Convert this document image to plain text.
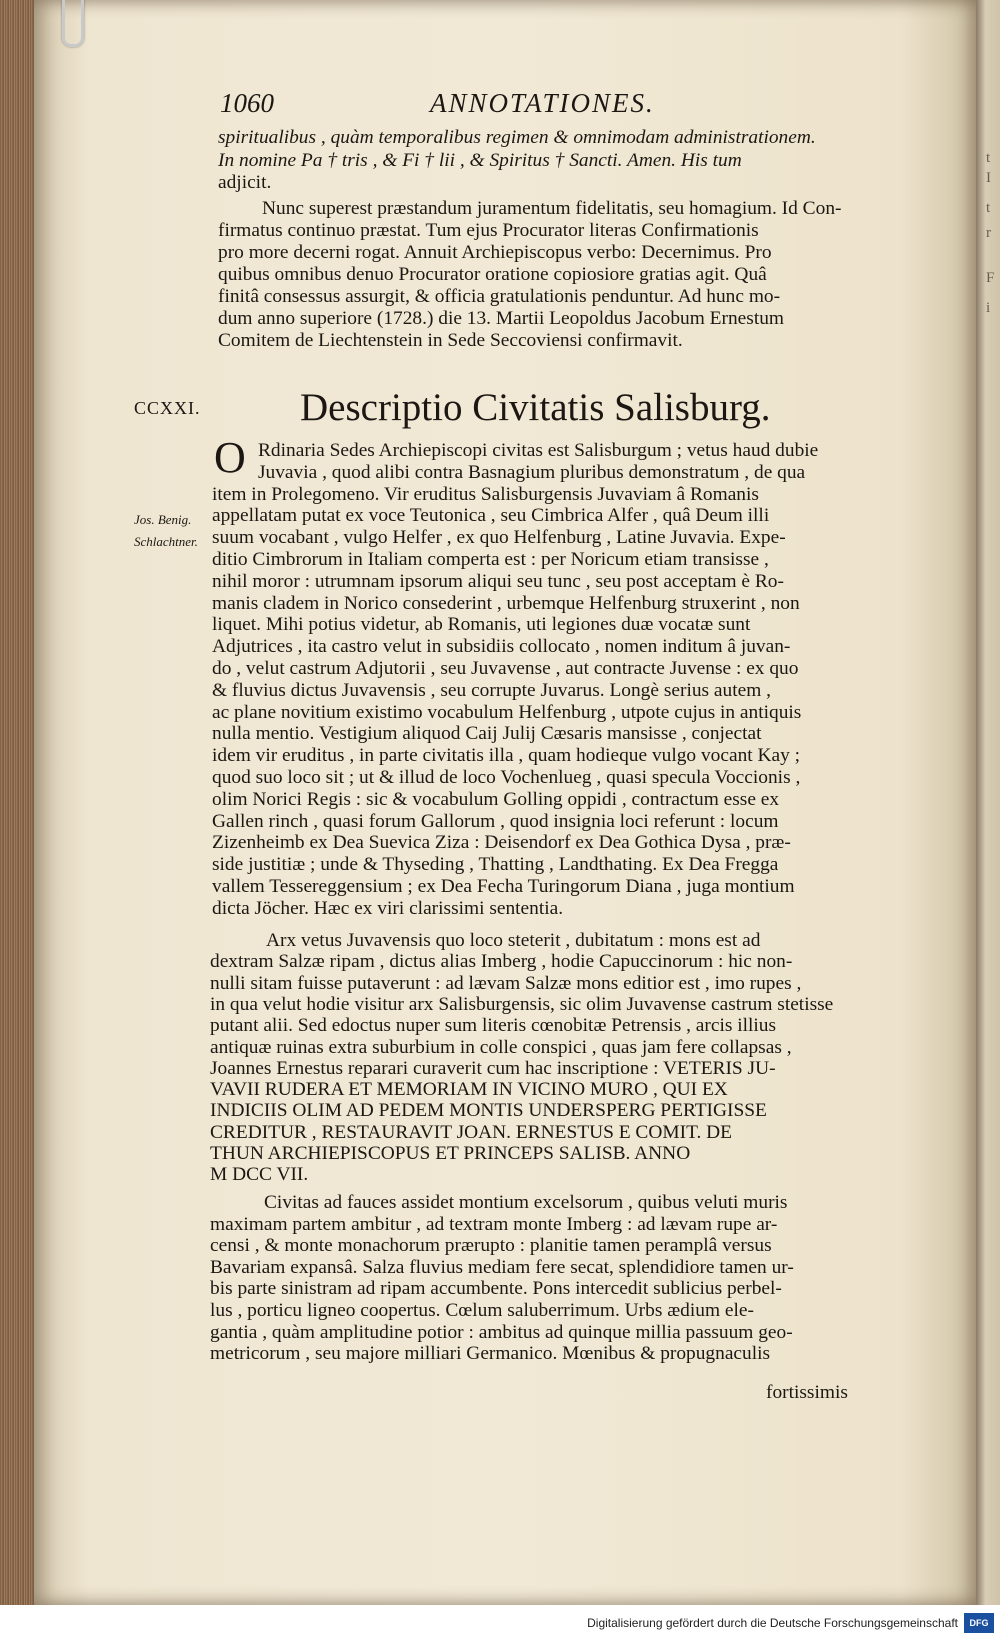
t
I
t
r
F
i
1060	ANNOTATIONES.
spiritualibus , quàm temporalibus regimen & omnimodam administrationem.
In nomine Pa † tris , & Fi † lii , & Spiritus † Sancti. Amen. His tum
adjicit.
Nunc superest præstandum juramentum fidelitatis, seu homagium. Id Con-
firmatus continuo præstat. Tum ejus Procurator literas Confirmationis
pro more decerni rogat. Annuit Archiepiscopus verbo: Decernimus. Pro
quibus omnibus denuo Procurator oratione copiosiore gratias agit. Quâ
finitâ consessus assurgit, & officia gratulationis penduntur. Ad hunc mo-
dum anno superiore (1728.) die 13. Martii Leopoldus Jacobum Ernestum
Comitem de Liechtenstein in Sede Seccoviensi confirmavit.
CCXXI.	Descriptio Civitatis Salisburg.
O
Jos. Benig.
Schlachtner.
Rdinaria Sedes Archiepiscopi civitas est Salisburgum ; vetus haud dubie
Juvavia , quod alibi contra Basnagium pluribus demonstratum , de qua
item in Prolegomeno. Vir eruditus Salisburgensis Juvaviam â Romanis
appellatam putat ex voce Teutonica , seu Cimbrica Alfer , quâ Deum illi
suum vocabant , vulgo Helfer , ex quo Helfenburg , Latine Juvavia. Expe-
ditio Cimbrorum in Italiam comperta est : per Noricum etiam transisse ,
nihil moror : utrumnam ipsorum aliqui seu tunc , seu post acceptam è Ro-
manis cladem in Norico consederint , urbemque Helfenburg struxerint , non
liquet. Mihi potius videtur, ab Romanis, uti legiones duæ vocatæ sunt
Adjutrices , ita castro velut in subsidiis collocato , nomen inditum â juvan-
do , velut castrum Adjutorii , seu Juvavense , aut contracte Juvense : ex quo
& fluvius dictus Juvavensis , seu corrupte Juvarus. Longè serius autem ,
ac plane novitium existimo vocabulum Helfenburg , utpote cujus in antiquis
nulla mentio. Vestigium aliquod Caij Julij Cæsaris mansisse , conjectat
idem vir eruditus , in parte civitatis illa , quam hodieque vulgo vocant Kay ;
quod suo loco sit ; ut & illud de loco Vochenlueg , quasi specula Voccionis ,
olim Norici Regis : sic & vocabulum Golling oppidi , contractum esse ex
Gallen rinch , quasi forum Gallorum , quod insignia loci referunt : locum
Zizenheimb ex Dea Suevica Ziza : Deisendorf ex Dea Gothica Dysa , præ-
side justitiæ ; unde & Thyseding , Thatting , Landthating. Ex Dea Fregga
vallem Tessereggensium ; ex Dea Fecha Turingorum Diana , juga montium
dicta Jöcher. Hæc ex viri clarissimi sententia.
Arx vetus Juvavensis quo loco steterit , dubitatum : mons est ad
dextram Salzæ ripam , dictus alias Imberg , hodie Capuccinorum : hic non-
nulli sitam fuisse putaverunt : ad lævam Salzæ mons editior est , imo rupes ,
in qua velut hodie visitur arx Salisburgensis, sic olim Juvavense castrum stetisse
putant alii. Sed edoctus nuper sum literis cœnobitæ Petrensis , arcis illius
antiquæ ruinas extra suburbium in colle conspici , quas jam fere collapsas ,
Joannes Ernestus reparari curaverit cum hac inscriptione : VETERIS JU-
VAVII RUDERA ET MEMORIAM IN VICINO MURO , QUI EX
INDICIIS OLIM AD PEDEM MONTIS UNDERSPERG PERTIGISSE
CREDITUR , RESTAURAVIT JOAN. ERNESTUS E COMIT. DE
THUN ARCHIEPISCOPUS ET PRINCEPS SALISB. ANNO
M DCC VII.
Civitas ad fauces assidet montium excelsorum , quibus veluti muris
maximam partem ambitur , ad textram monte Imberg : ad lævam rupe ar-
censi , & monte monachorum prærupto : planitie tamen peramplâ versus
Bavariam expansâ. Salza fluvius mediam fere secat, splendidiore tamen ur-
bis parte sinistram ad ripam accumbente. Pons intercedit sublicius perbel-
lus , porticu ligneo coopertus. Cœlum saluberrimum. Urbs ædium ele-
gantia , quàm amplitudine potior : ambitus ad quinque millia passuum geo-
metricorum , seu majore milliari Germanico. Mœnibus & propugnaculis
fortissimis
Digitalisierung gefördert durch die Deutsche Forschungsgemeinschaft	DFG
